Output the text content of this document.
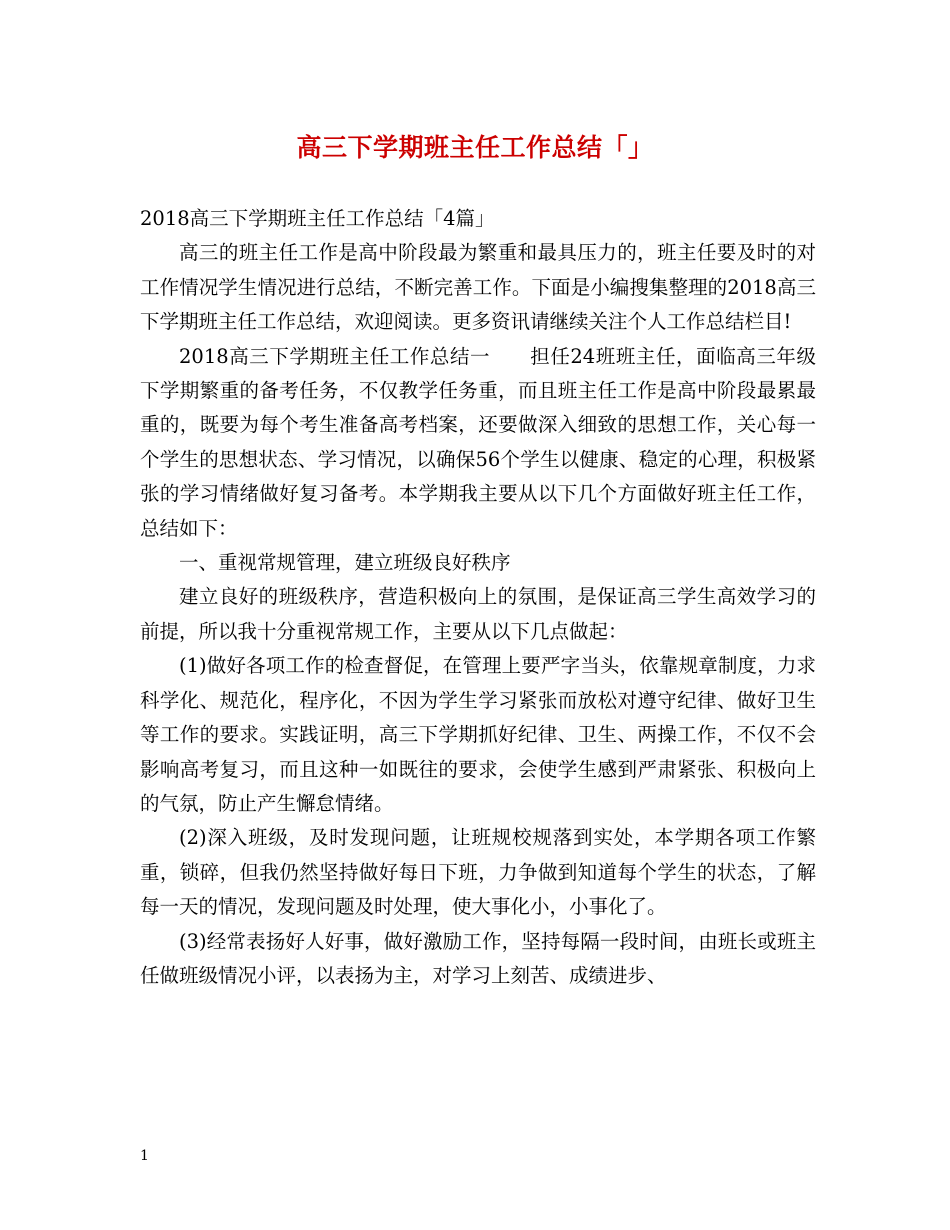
高三下学期班主任工作总结「」

2018高三下学期班主任工作总结「4篇」

高三的班主任工作是高中阶段最为繁重和最具压力的，班主任要及时的对工作情况学生情况进行总结，不断完善工作。下面是小编搜集整理的2018高三下学期班主任工作总结，欢迎阅读。更多资讯请继续关注个人工作总结栏目!

2018高三下学期班主任工作总结一　　担任24班班主任，面临高三年级下学期繁重的备考任务，不仅教学任务重，而且班主任工作是高中阶段最累最重的，既要为每个考生准备高考档案，还要做深入细致的思想工作，关心每一个学生的思想状态、学习情况，以确保56个学生以健康、稳定的心理，积极紧张的学习情绪做好复习备考。本学期我主要从以下几个方面做好班主任工作，总结如下：

一、重视常规管理，建立班级良好秩序

建立良好的班级秩序，营造积极向上的氛围，是保证高三学生高效学习的前提，所以我十分重视常规工作，主要从以下几点做起：

(1)做好各项工作的检查督促，在管理上要严字当头，依靠规章制度，力求科学化、规范化，程序化，不因为学生学习紧张而放松对遵守纪律、做好卫生等工作的要求。实践证明，高三下学期抓好纪律、卫生、两操工作，不仅不会影响高考复习，而且这种一如既往的要求，会使学生感到严肃紧张、积极向上的气氛，防止产生懈怠情绪。

(2)深入班级，及时发现问题，让班规校规落到实处，本学期各项工作繁重，锁碎，但我仍然坚持做好每日下班，力争做到知道每个学生的状态，了解每一天的情况，发现问题及时处理，使大事化小，小事化了。

(3)经常表扬好人好事，做好激励工作，坚持每隔一段时间，由班长或班主任做班级情况小评，以表扬为主，对学习上刻苦、成绩进步、

1
